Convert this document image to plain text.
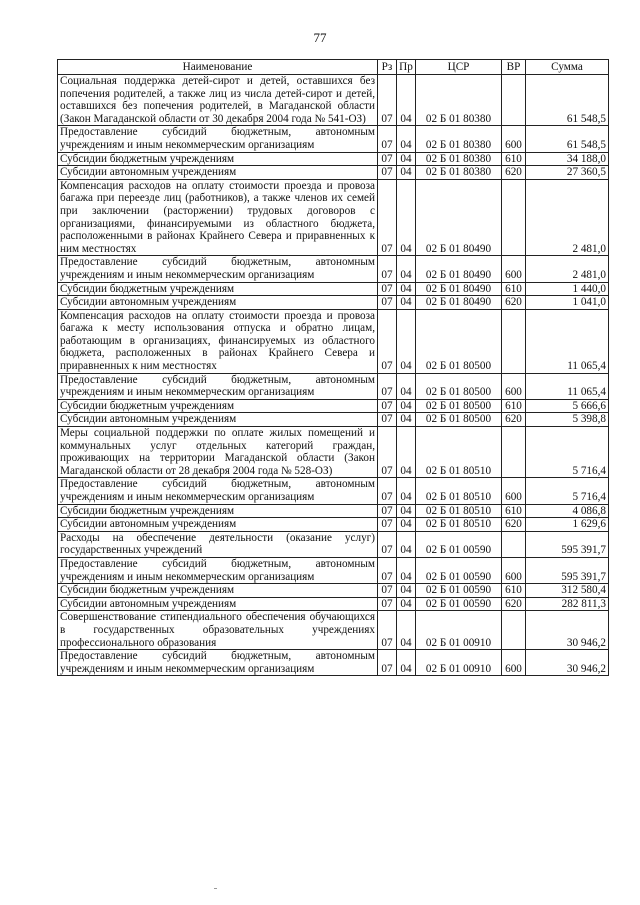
77
Наименование	Рз	Пр	ЦСР	ВР	Сумма
Социальная поддержка детей-сирот и детей, оставшихся без попечения родителей, а также лиц из числа детей-сирот и детей, оставшихся без попечения родителей, в Магаданской области (Закон Магаданской области от 30 декабря 2004 года № 541-ОЗ)	07	04	02 Б 01 80380		61 548,5
Предоставление субсидий бюджетным, автономным учреждениям и иным некоммерческим организациям	07	04	02 Б 01 80380	600	61 548,5
Субсидии бюджетным учреждениям	07	04	02 Б 01 80380	610	34 188,0
Субсидии автономным учреждениям	07	04	02 Б 01 80380	620	27 360,5
Компенсация расходов на оплату стоимости проезда и провоза багажа при переезде лиц (работников), а также членов их семей при заключении (расторжении) трудовых договоров с организациями, финансируемыми из областного бюджета, расположенными в районах Крайнего Севера и приравненных к ним местностях	07	04	02 Б 01 80490		2 481,0
Предоставление субсидий бюджетным, автономным учреждениям и иным некоммерческим организациям	07	04	02 Б 01 80490	600	2 481,0
Субсидии бюджетным учреждениям	07	04	02 Б 01 80490	610	1 440,0
Субсидии автономным учреждениям	07	04	02 Б 01 80490	620	1 041,0
Компенсация расходов на оплату стоимости проезда и провоза багажа к месту использования отпуска и обратно лицам, работающим в организациях, финансируемых из областного бюджета, расположенных в районах Крайнего Севера и приравненных к ним местностях	07	04	02 Б 01 80500		11 065,4
Предоставление субсидий бюджетным, автономным учреждениям и иным некоммерческим организациям	07	04	02 Б 01 80500	600	11 065,4
Субсидии бюджетным учреждениям	07	04	02 Б 01 80500	610	5 666,6
Субсидии автономным учреждениям	07	04	02 Б 01 80500	620	5 398,8
Меры социальной поддержки по оплате жилых помещений и коммунальных услуг отдельных категорий граждан, проживающих на территории Магаданской области (Закон Магаданской области от 28 декабря 2004 года № 528-ОЗ)	07	04	02 Б 01 80510		5 716,4
Предоставление субсидий бюджетным, автономным учреждениям и иным некоммерческим организациям	07	04	02 Б 01 80510	600	5 716,4
Субсидии бюджетным учреждениям	07	04	02 Б 01 80510	610	4 086,8
Субсидии автономным учреждениям	07	04	02 Б 01 80510	620	1 629,6
Расходы на обеспечение деятельности (оказание услуг) государственных учреждений	07	04	02 Б 01 00590		595 391,7
Предоставление субсидий бюджетным, автономным учреждениям и иным некоммерческим организациям	07	04	02 Б 01 00590	600	595 391,7
Субсидии бюджетным учреждениям	07	04	02 Б 01 00590	610	312 580,4
Субсидии автономным учреждениям	07	04	02 Б 01 00590	620	282 811,3
Совершенствование стипендиального обеспечения обучающихся в государственных образовательных учреждениях профессионального образования	07	04	02 Б 01 00910		30 946,2
Предоставление субсидий бюджетным, автономным учреждениям и иным некоммерческим организациям	07	04	02 Б 01 00910	600	30 946,2
